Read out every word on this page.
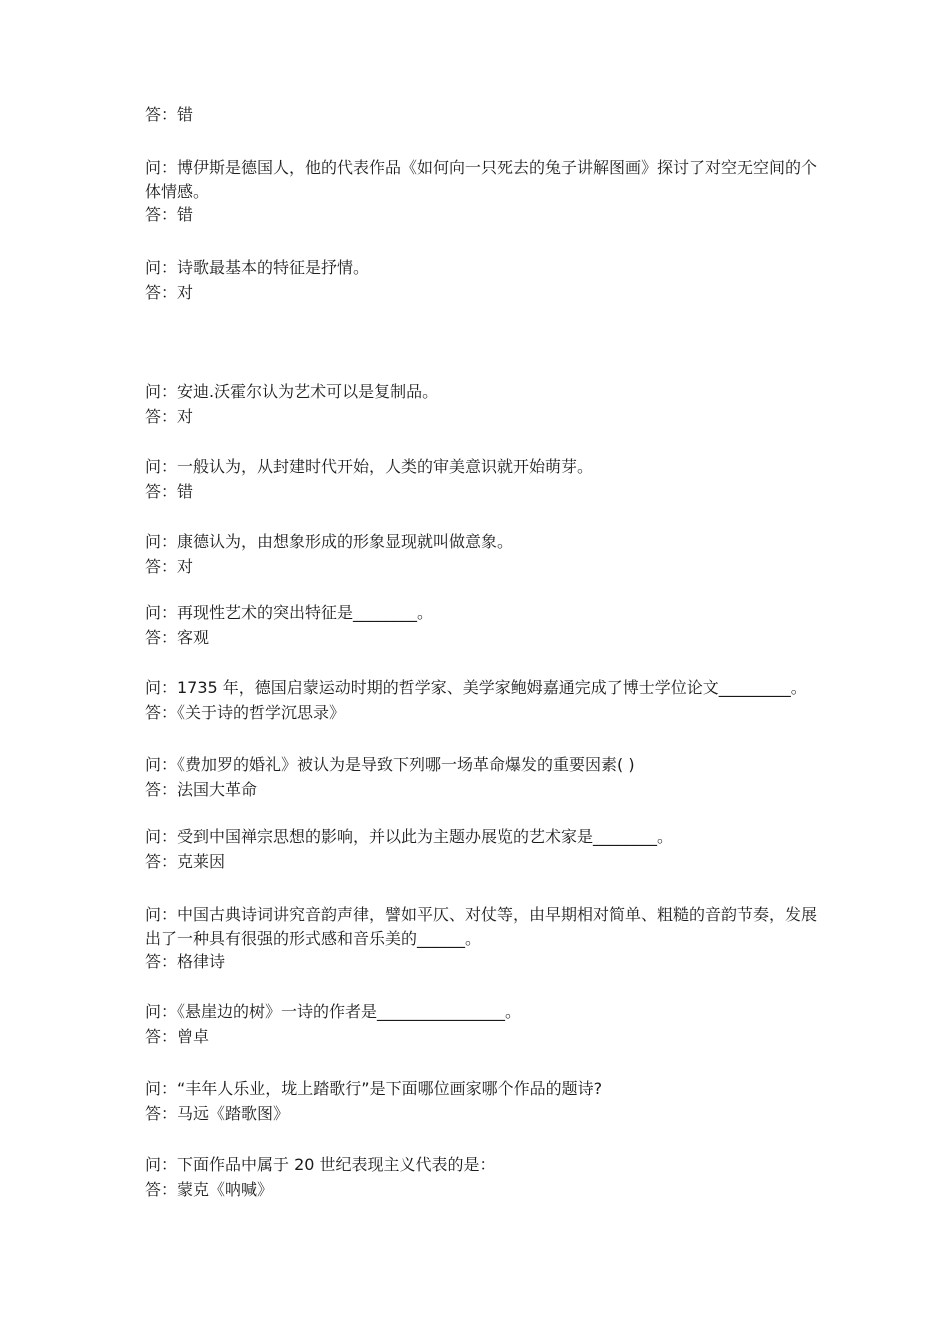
答：错
问：博伊斯是德国人，他的代表作品《如何向一只死去的兔子讲解图画》探讨了对空无空间的个体情感。
答：错
问：诗歌最基本的特征是抒情。
答：对
问：安迪.沃霍尔认为艺术可以是复制品。
答：对
问：一般认为，从封建时代开始，人类的审美意识就开始萌芽。
答：错
问：康德认为，由想象形成的形象显现就叫做意象。
答：对
问：再现性艺术的突出特征是________。
答：客观
问：1735 年，德国启蒙运动时期的哲学家、美学家鲍姆嘉通完成了博士学位论文_________。
答：《关于诗的哲学沉思录》
问：《费加罗的婚礼》被认为是导致下列哪一场革命爆发的重要因素( )
答：法国大革命
问：受到中国禅宗思想的影响，并以此为主题办展览的艺术家是________。
答：克莱因
问：中国古典诗词讲究音韵声律，譬如平仄、对仗等，由早期相对简单、粗糙的音韵节奏，发展出了一种具有很强的形式感和音乐美的______。
答：格律诗
问：《悬崖边的树》一诗的作者是________________。
答：曾卓
问：“丰年人乐业，垅上踏歌行”是下面哪位画家哪个作品的题诗?
答：马远《踏歌图》
问：下面作品中属于 20 世纪表现主义代表的是：
答：蒙克《呐喊》
